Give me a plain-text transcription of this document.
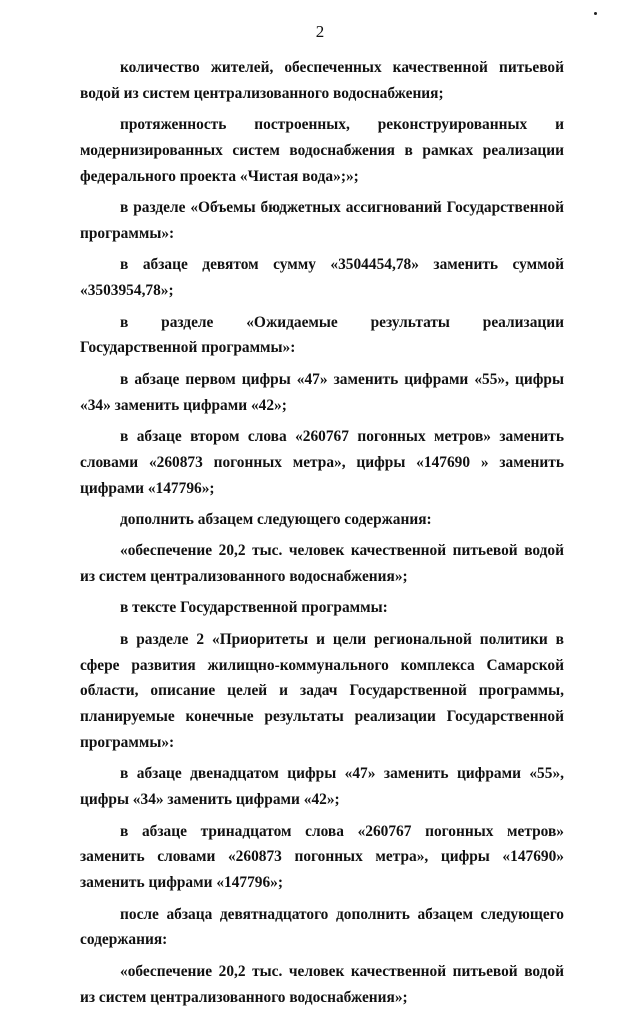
2

количество жителей, обеспеченных качественной питьевой водой из систем централизованного водоснабжения;

протяженность построенных, реконструированных и модернизированных систем водоснабжения в рамках реализации федерального проекта «Чистая вода»;»;

в разделе «Объемы бюджетных ассигнований Государственной программы»:

в абзаце девятом сумму «3504454,78» заменить суммой «3503954,78»;

в разделе «Ожидаемые результаты реализации Государственной программы»:

в абзаце первом цифры «47» заменить цифрами «55», цифры «34» заменить цифрами «42»;

в абзаце втором слова «260767 погонных метров» заменить словами «260873 погонных метра», цифры «147690 » заменить цифрами «147796»;

дополнить абзацем следующего содержания:

«обеспечение 20,2 тыс. человек качественной питьевой водой из систем централизованного водоснабжения»;

в тексте Государственной программы:

в разделе 2 «Приоритеты и цели региональной политики в сфере развития жилищно-коммунального комплекса Самарской области, описание целей и задач Государственной программы, планируемые конечные результаты реализации Государственной программы»:

в абзаце двенадцатом цифры «47» заменить цифрами «55», цифры «34» заменить цифрами «42»;

в абзаце тринадцатом слова «260767 погонных метров» заменить словами «260873 погонных метра», цифры «147690» заменить цифрами «147796»;

после абзаца девятнадцатого дополнить абзацем следующего содержания:

«обеспечение 20,2 тыс. человек качественной питьевой водой из систем централизованного водоснабжения»;
